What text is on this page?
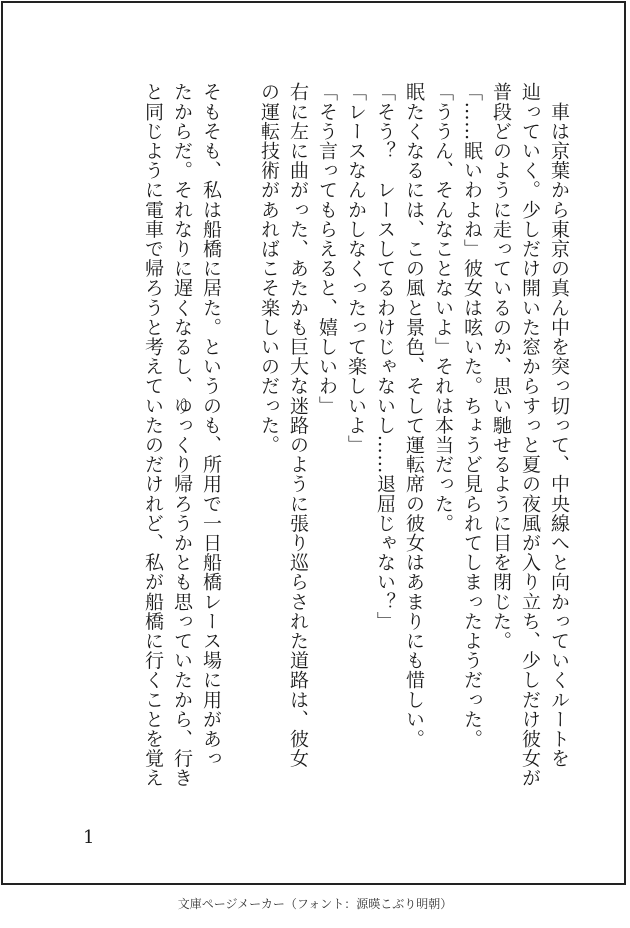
　車は京葉から東京の真ん中を突っ切って、中央線へと向かっていくルートを

辿っていく。少しだけ開いた窓からすっと夏の夜風が入り立ち、少しだけ彼女が

普段どのように走っているのか、思い馳せるように目を閉じた。

「……眠いわよね」彼女は呟いた。ちょうど見られてしまったようだった。

「ううん、そんなことないよ」それは本当だった。

眠たくなるには、この風と景色、そして運転席の彼女はあまりにも惜しい。

「そう？　レースしてるわけじゃないし……退屈じゃない？」

「レースなんかしなくったって楽しいよ」

「そう言ってもらえると、嬉しいわ」

右に左に曲がった、あたかも巨大な迷路のように張り巡らされた道路は、彼女

の運転技術があればこそ楽しいのだった。

そもそも、私は船橋に居た。というのも、所用で一日船橋レース場に用があっ

たからだ。それなりに遅くなるし、ゆっくり帰ろうかとも思っていたから、行き

と同じように電車で帰ろうと考えていたのだけれど、私が船橋に行くことを覚え

1
文庫ページメーカー（フォント：源暎こぶり明朝）
